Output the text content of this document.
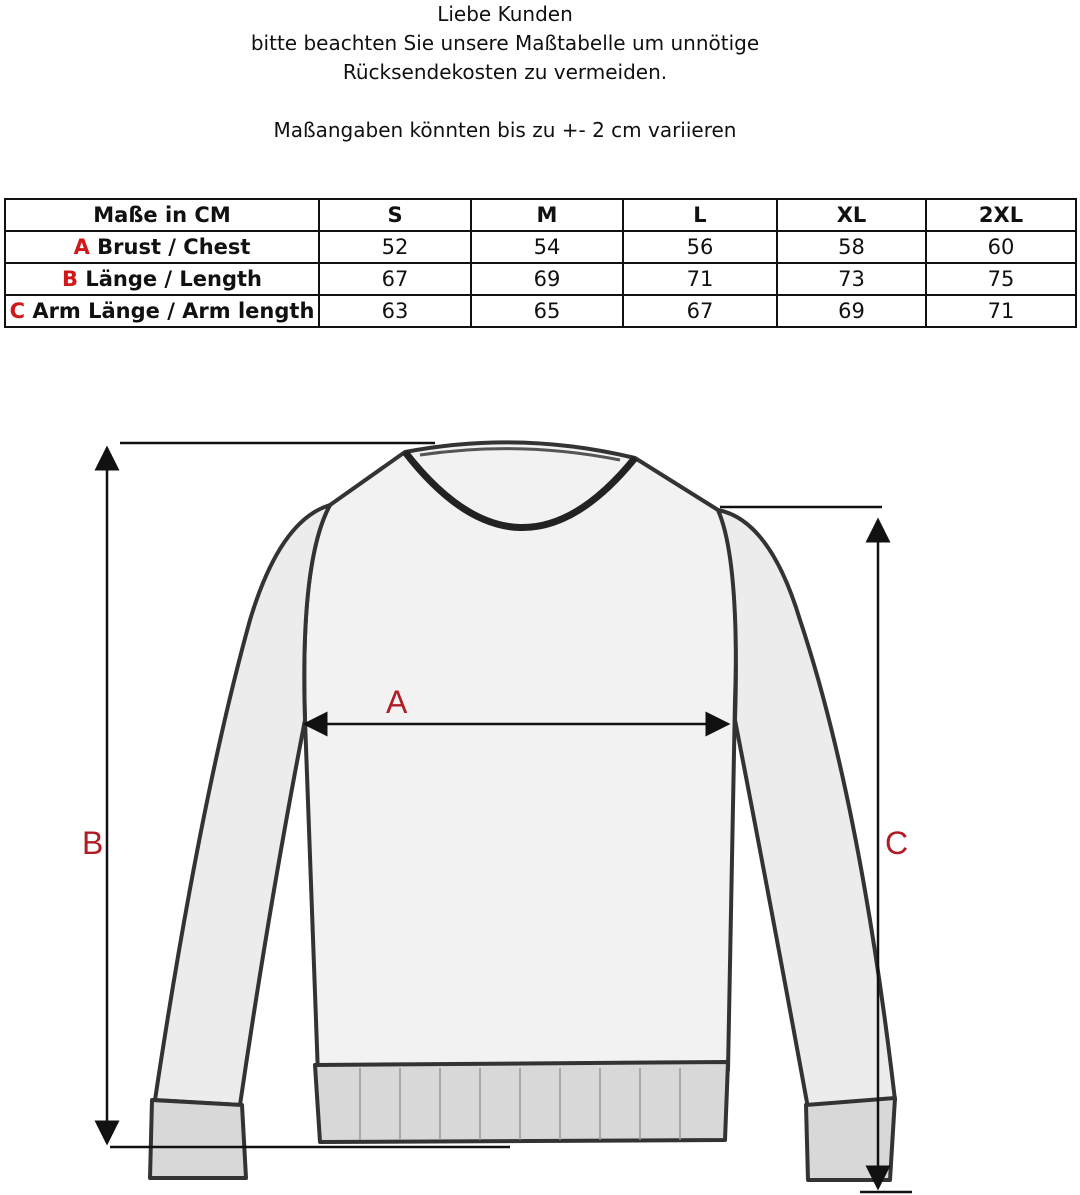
Liebe Kunden
bitte beachten Sie unsere Maßtabelle um unnötige
Rücksendekosten zu vermeiden.
Maßangaben könnten bis zu +- 2 cm variieren
Maße in CM	S	M	L	XL	2XL
A Brust / Chest	52	54	56	58	60
B Länge / Length	67	69	71	73	75
C Arm Länge / Arm length	63	65	67	69	71
A
B	C
